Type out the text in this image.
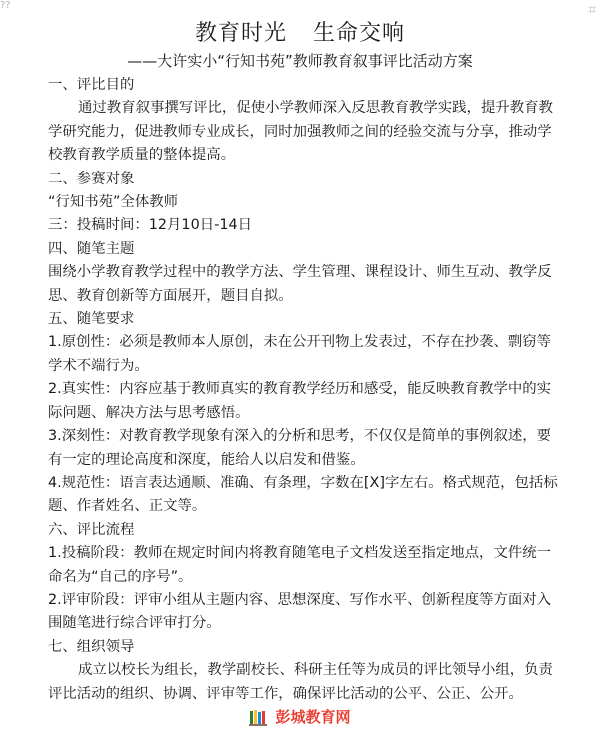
??	⌗
教育时光 生命交响
——大许实小“行知书苑”教师教育叙事评比活动方案
一、评比目的
通过教育叙事撰写评比，促使小学教师深入反思教育教学实践，提升教育教学研究能力，促进教师专业成长，同时加强教师之间的经验交流与分享，推动学校教育教学质量的整体提高。
二、参赛对象
“行知书苑”全体教师
三：投稿时间：12月10日-14日
四、随笔主题
围绕小学教育教学过程中的教学方法、学生管理、课程设计、师生互动、教学反思、教育创新等方面展开，题目自拟。
五、随笔要求
1.原创性：必须是教师本人原创，未在公开刊物上发表过，不存在抄袭、剽窃等学术不端行为。
2.真实性：内容应基于教师真实的教育教学经历和感受，能反映教育教学中的实际问题、解决方法与思考感悟。
3.深刻性：对教育教学现象有深入的分析和思考，不仅仅是简单的事例叙述，要有一定的理论高度和深度，能给人以启发和借鉴。
4.规范性：语言表达通顺、准确、有条理，字数在[X]字左右。格式规范，包括标题、作者姓名、正文等。
六、评比流程
1.投稿阶段：教师在规定时间内将教育随笔电子文档发送至指定地点，文件统一命名为“自己的序号”。
2.评审阶段：评审小组从主题内容、思想深度、写作水平、创新程度等方面对入围随笔进行综合评审打分。
七、组织领导
成立以校长为组长，教学副校长、科研主任等为成员的评比领导小组，负责评比活动的组织、协调、评审等工作，确保评比活动的公平、公正、公开。
彭城教育网
